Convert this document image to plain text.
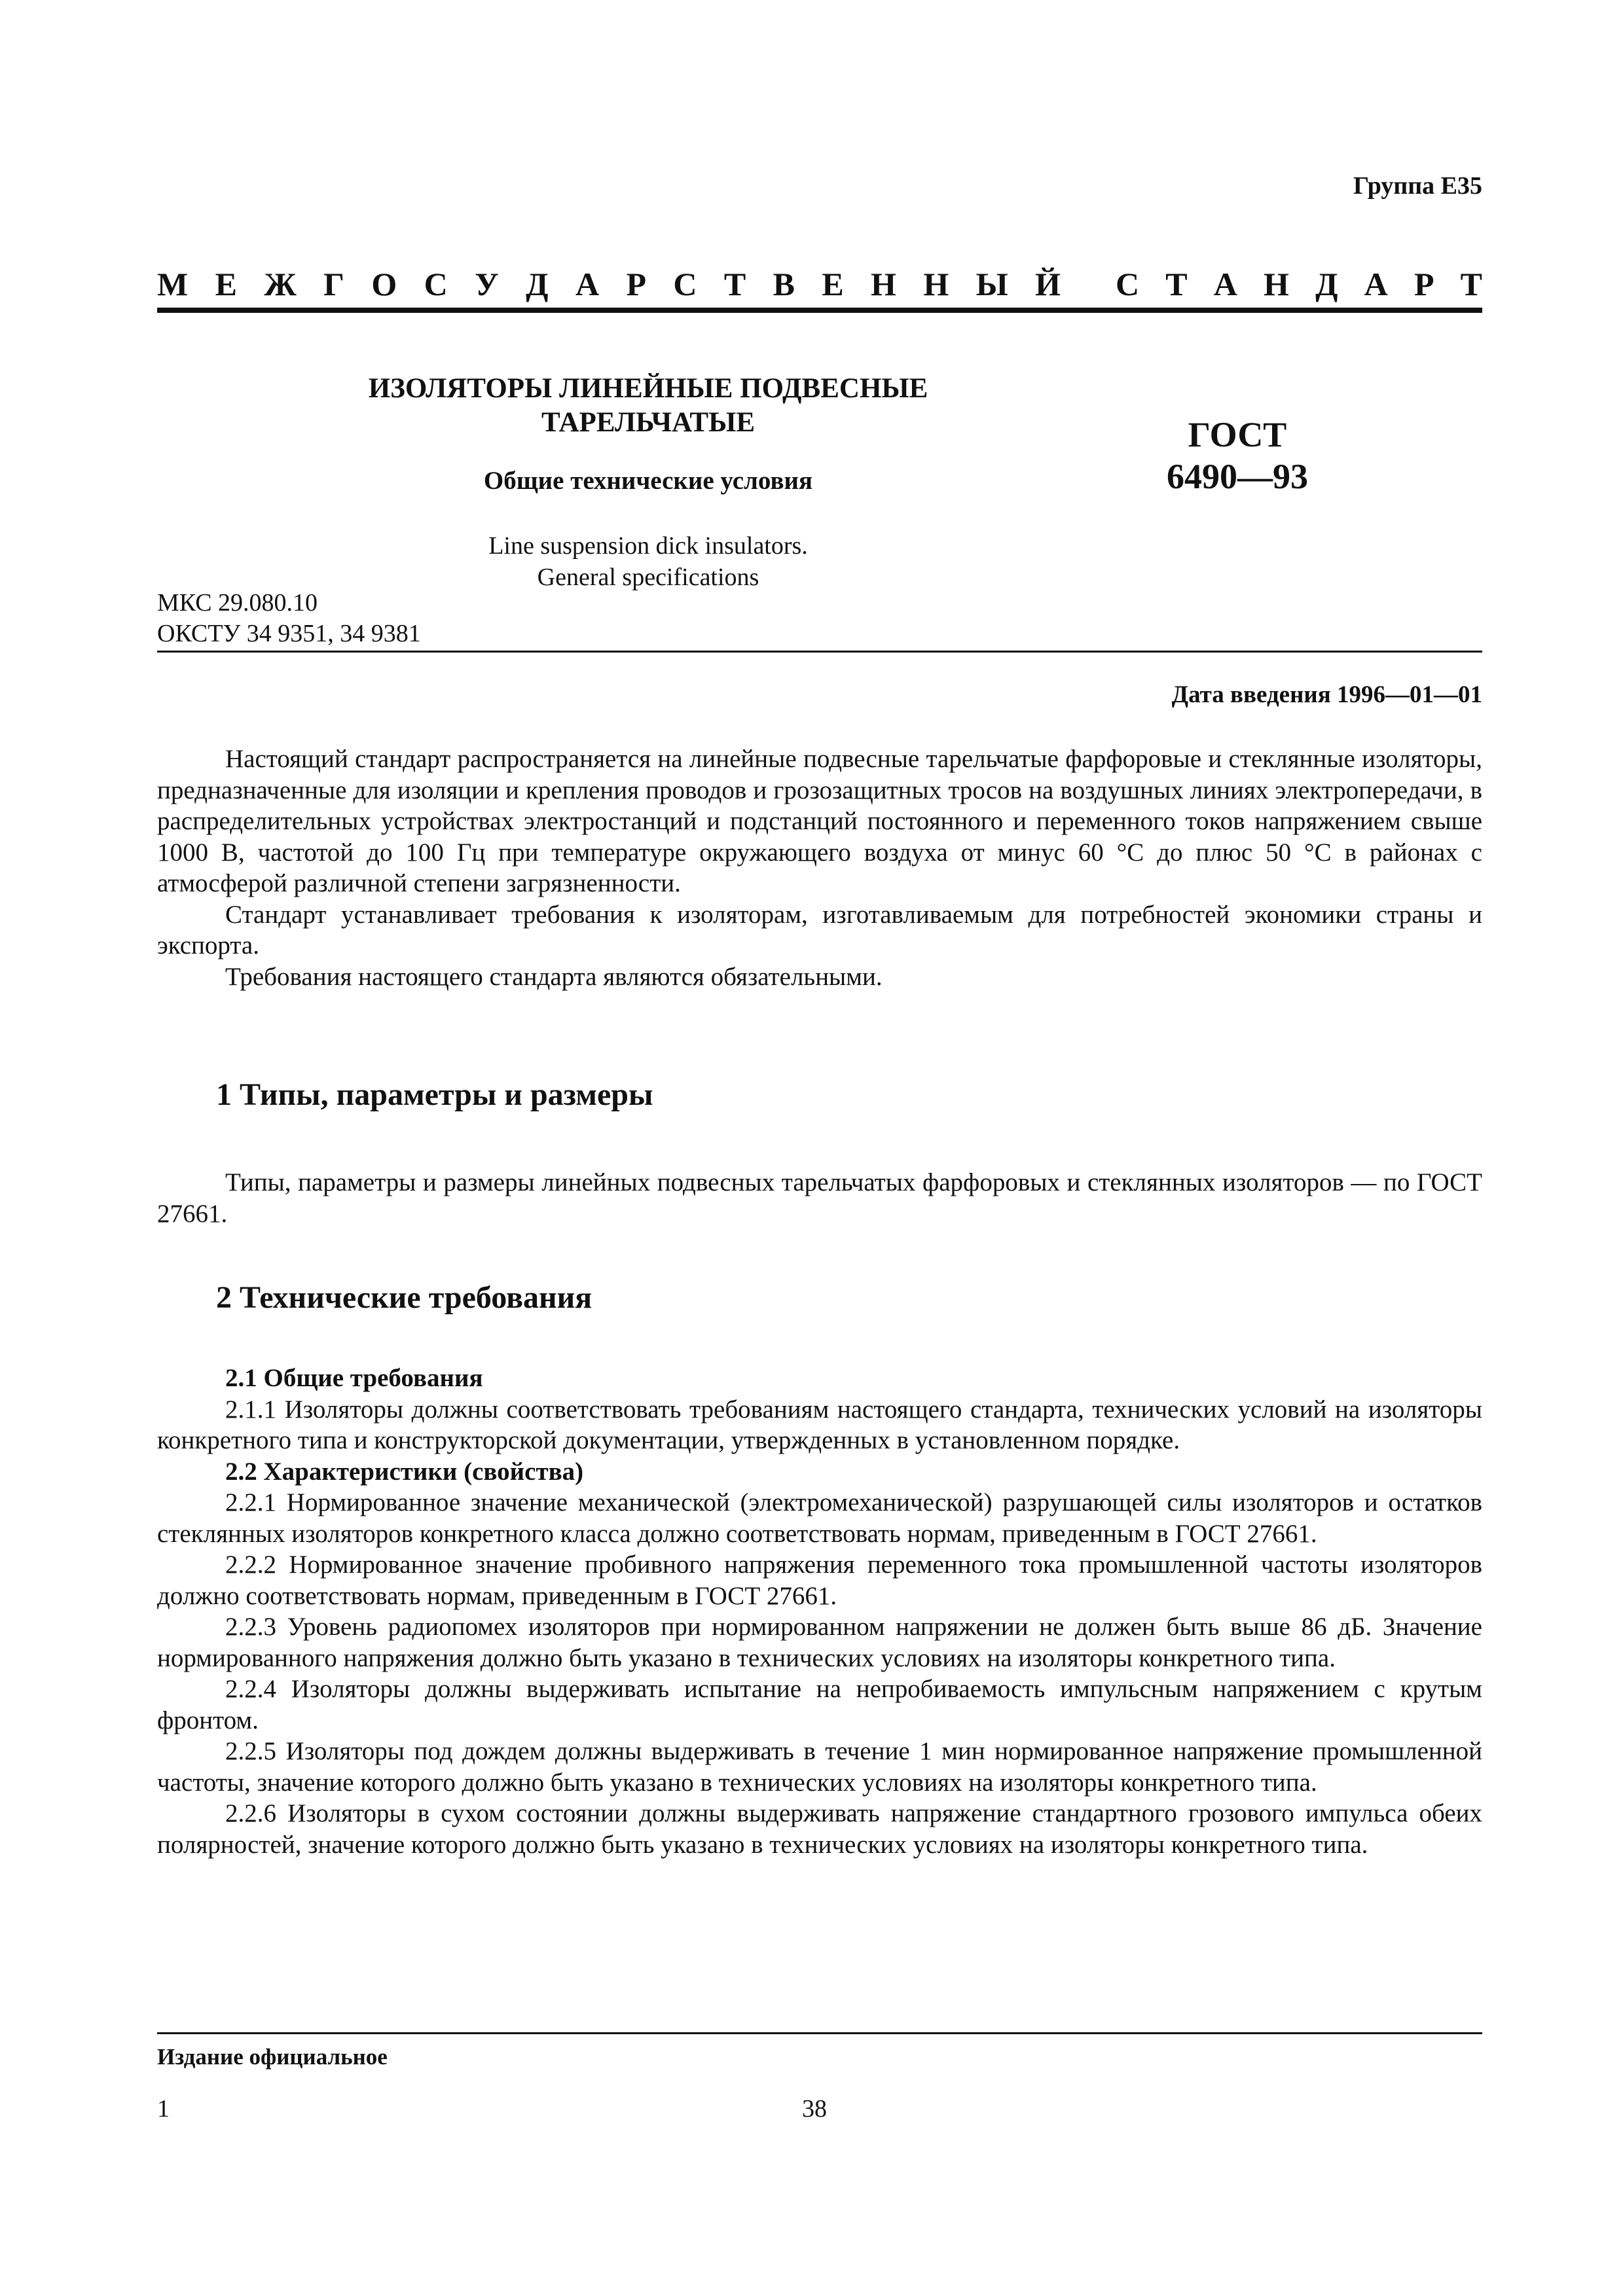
Группа Е35
М Е Ж Г О С У Д А Р С Т В Е Н Н Ы Й С Т А Н Д А Р Т
ИЗОЛЯТОРЫ ЛИНЕЙНЫЕ ПОДВЕСНЫЕ
ТАРЕЛЬЧАТЫЕ
Общие технические условия
ГОСТ
6490—93
Line suspension dick insulators.
General specifications
МКС 29.080.10
ОКСТУ 34 9351, 34 9381
Дата введения 1996—01—01

Настоящий стандарт распространяется на линейные подвесные тарельчатые фарфоровые и стеклянные изоляторы, предназначенные для изоляции и крепления проводов и грозозащитных тросов на воздушных линиях электропередачи, в распределительных устройствах электростанций и подстанций постоянного и переменного токов напряжением свыше 1000 В, частотой до 100 Гц при температуре окружающего воздуха от минус 60 °С до плюс 50 °С в районах с атмосферой различной степени загрязненности.

Стандарт устанавливает требования к изоляторам, изготавливаемым для потребностей экономики страны и экспорта.

Требования настоящего стандарта являются обязательными.

1 Типы, параметры и размеры

Типы, параметры и размеры линейных подвесных тарельчатых фарфоровых и стеклянных изоляторов — по ГОСТ 27661.

2 Технические требования

2.1 Общие требования

2.1.1 Изоляторы должны соответствовать требованиям настоящего стандарта, технических условий на изоляторы конкретного типа и конструкторской документации, утвержденных в установленном порядке.

2.2 Характеристики (свойства)

2.2.1 Нормированное значение механической (электромеханической) разрушающей силы изоляторов и остатков стеклянных изоляторов конкретного класса должно соответствовать нормам, приведенным в ГОСТ 27661.

2.2.2 Нормированное значение пробивного напряжения переменного тока промышленной частоты изоляторов должно соответствовать нормам, приведенным в ГОСТ 27661.

2.2.3 Уровень радиопомех изоляторов при нормированном напряжении не должен быть выше 86 дБ. Значение нормированного напряжения должно быть указано в технических условиях на изоляторы конкретного типа.

2.2.4 Изоляторы должны выдерживать испытание на непробиваемость импульсным напряжением с крутым фронтом.

2.2.5 Изоляторы под дождем должны выдерживать в течение 1 мин нормированное напряжение промышленной частоты, значение которого должно быть указано в технических условиях на изоляторы конкретного типа.

2.2.6 Изоляторы в сухом состоянии должны выдерживать напряжение стандартного грозового импульса обеих полярностей, значение которого должно быть указано в технических условиях на изоляторы конкретного типа.

Издание официальное
1	38
